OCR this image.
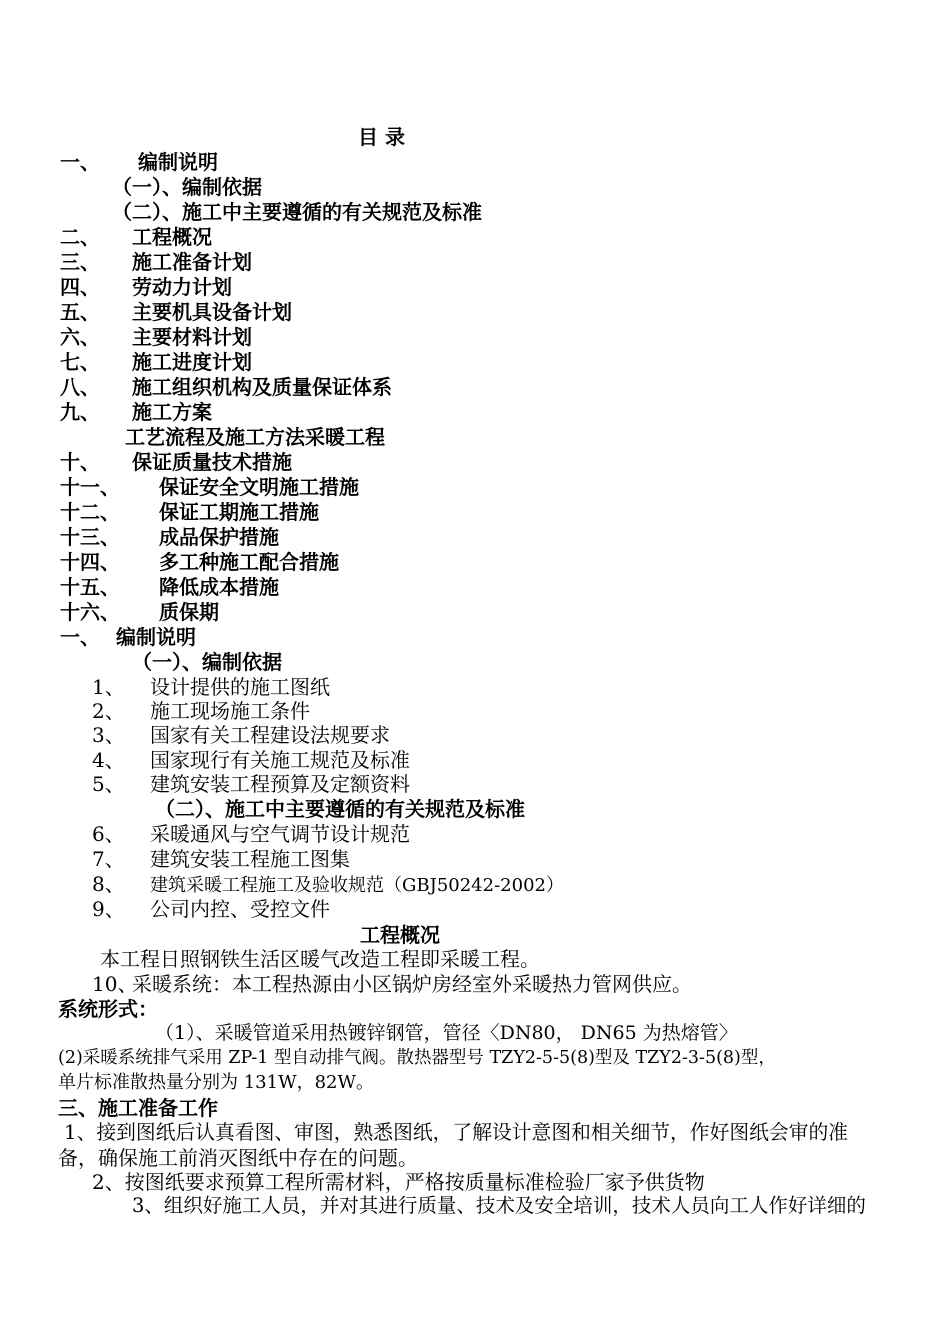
目 录
一、 编制说明
（一）、编制依据
（二）、施工中主要遵循的有关规范及标准
二、 工程概况
三、 施工准备计划
四、 劳动力计划
五、 主要机具设备计划
六、 主要材料计划
七、 施工进度计划
八、 施工组织机构及质量保证体系
九、 施工方案
工艺流程及施工方法采暖工程
十、 保证质量技术措施
十一、 保证安全文明施工措施
十二、 保证工期施工措施
十三、 成品保护措施
十四、 多工种施工配合措施
十五、 降低成本措施
十六、 质保期
一、 编制说明
（一）、编制依据
1、 设计提供的施工图纸
2、 施工现场施工条件
3、 国家有关工程建设法规要求
4、 国家现行有关施工规范及标准
5、 建筑安装工程预算及定额资料
（二）、施工中主要遵循的有关规范及标准
6、 采暖通风与空气调节设计规范
7、 建筑安装工程施工图集
8、 建筑采暖工程施工及验收规范（GBJ50242-2002）
9、 公司内控、受控文件
工程概况
本工程日照钢铁生活区暖气改造工程即采暖工程。
10、采暖系统：本工程热源由小区锅炉房经室外采暖热力管网供应。
系统形式：
（1）、采暖管道采用热镀锌钢管，管径〈DN80， DN65 为热熔管〉
(2)采暖系统排气采用 ZP-1 型自动排气阀。散热器型号 TZY2-5-5(8)型及 TZY2-3-5(8)型，
单片标准散热量分别为 131W，82W。
三、施工准备工作
1、接到图纸后认真看图、审图，熟悉图纸，了解设计意图和相关细节，作好图纸会审的准
备，确保施工前消灭图纸中存在的问题。
2、按图纸要求预算工程所需材料，严格按质量标准检验厂家予供货物
3、组织好施工人员，并对其进行质量、技术及安全培训，技术人员向工人作好详细的
